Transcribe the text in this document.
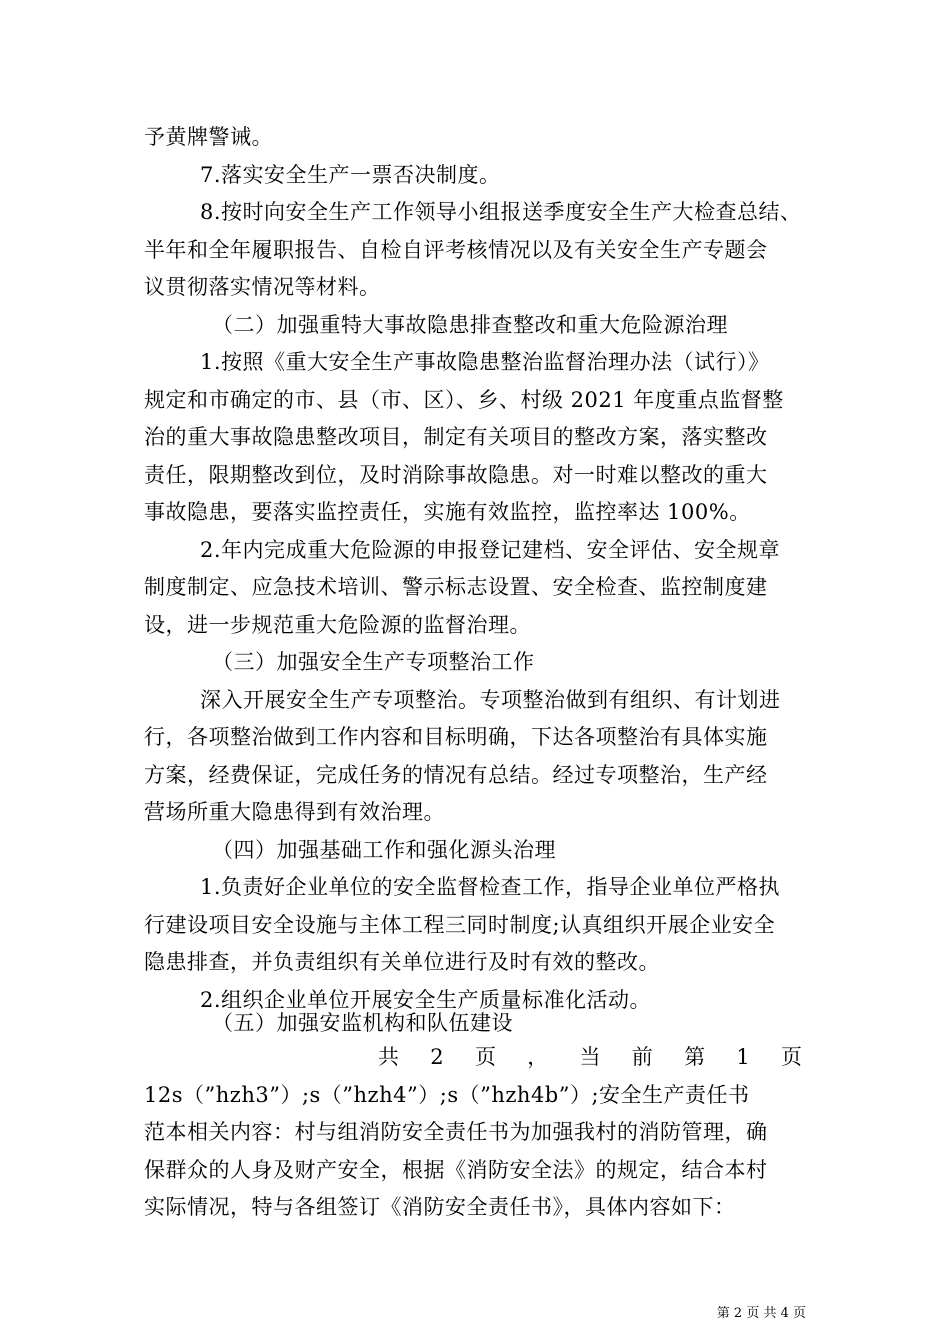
予黄牌警诫。
7.落实安全生产一票否决制度。
8.按时向安全生产工作领导小组报送季度安全生产大检查总结、
半年和全年履职报告、自检自评考核情况以及有关安全生产专题会
议贯彻落实情况等材料。
（二）加强重特大事故隐患排查整改和重大危险源治理
1.按照《重大安全生产事故隐患整治监督治理办法（试行）》
规定和市确定的市、县（市、区）、乡、村级 2021 年度重点监督整
治的重大事故隐患整改项目，制定有关项目的整改方案，落实整改
责任，限期整改到位，及时消除事故隐患。对一时难以整改的重大
事故隐患，要落实监控责任，实施有效监控，监控率达 100%。
2.年内完成重大危险源的申报登记建档、安全评估、安全规章
制度制定、应急技术培训、警示标志设置、安全检查、监控制度建
设，进一步规范重大危险源的监督治理。
（三）加强安全生产专项整治工作
深入开展安全生产专项整治。专项整治做到有组织、有计划进
行，各项整治做到工作内容和目标明确，下达各项整治有具体实施
方案，经费保证，完成任务的情况有总结。经过专项整治，生产经
营场所重大隐患得到有效治理。
（四）加强基础工作和强化源头治理
1.负责好企业单位的安全监督检查工作，指导企业单位严格执
行建设项目安全设施与主体工程三同时制度;认真组织开展企业安全
隐患排查，并负责组织有关单位进行及时有效的整改。
2.组织企业单位开展安全生产质量标准化活动。
（五）加强安监机构和队伍建设
共 2 页 ， 当 前 第 1 页
12s（”hzh3”）;s（”hzh4”）;s（”hzh4b”）;安全生产责任书
范本相关内容：村与组消防安全责任书为加强我村的消防管理，确
保群众的人身及财产安全，根据《消防安全法》的规定，结合本村
实际情况，特与各组签订《消防安全责任书》，具体内容如下：
第 2 页 共 4 页
